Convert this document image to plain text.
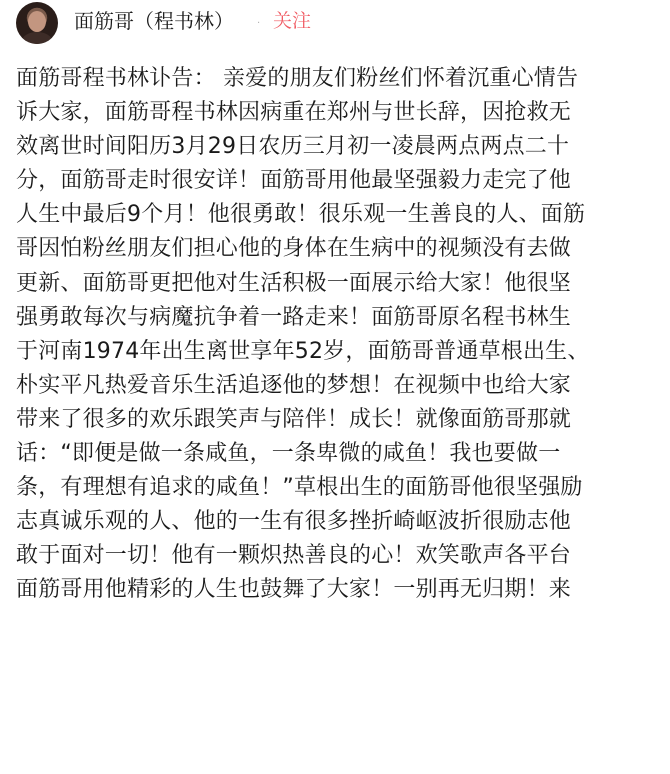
面筋哥（程书林） · 关注
面筋哥程书林讣告： 亲爱的朋友们粉丝们怀着沉重心情告
诉大家，面筋哥程书林因病重在郑州与世长辞，因抢救无
效离世时间阳历3月29日农历三月初一凌晨两点两点二十
分，面筋哥走时很安详！面筋哥用他最坚强毅力走完了他
人生中最后9个月！他很勇敢！很乐观一生善良的人、面筋
哥因怕粉丝朋友们担心他的身体在生病中的视频没有去做
更新、面筋哥更把他对生活积极一面展示给大家！他很坚
强勇敢每次与病魔抗争着一路走来！面筋哥原名程书林生
于河南1974年出生离世享年52岁，面筋哥普通草根出生、
朴实平凡热爱音乐生活追逐他的梦想！在视频中也给大家
带来了很多的欢乐跟笑声与陪伴！成长！就像面筋哥那就
话：“即便是做一条咸鱼，一条卑微的咸鱼！我也要做一
条，有理想有追求的咸鱼！”草根出生的面筋哥他很坚强励
志真诚乐观的人、他的一生有很多挫折崎岖波折很励志他
敢于面对一切！他有一颗炽热善良的心！欢笑歌声各平台
面筋哥用他精彩的人生也鼓舞了大家！一别再无归期！来
